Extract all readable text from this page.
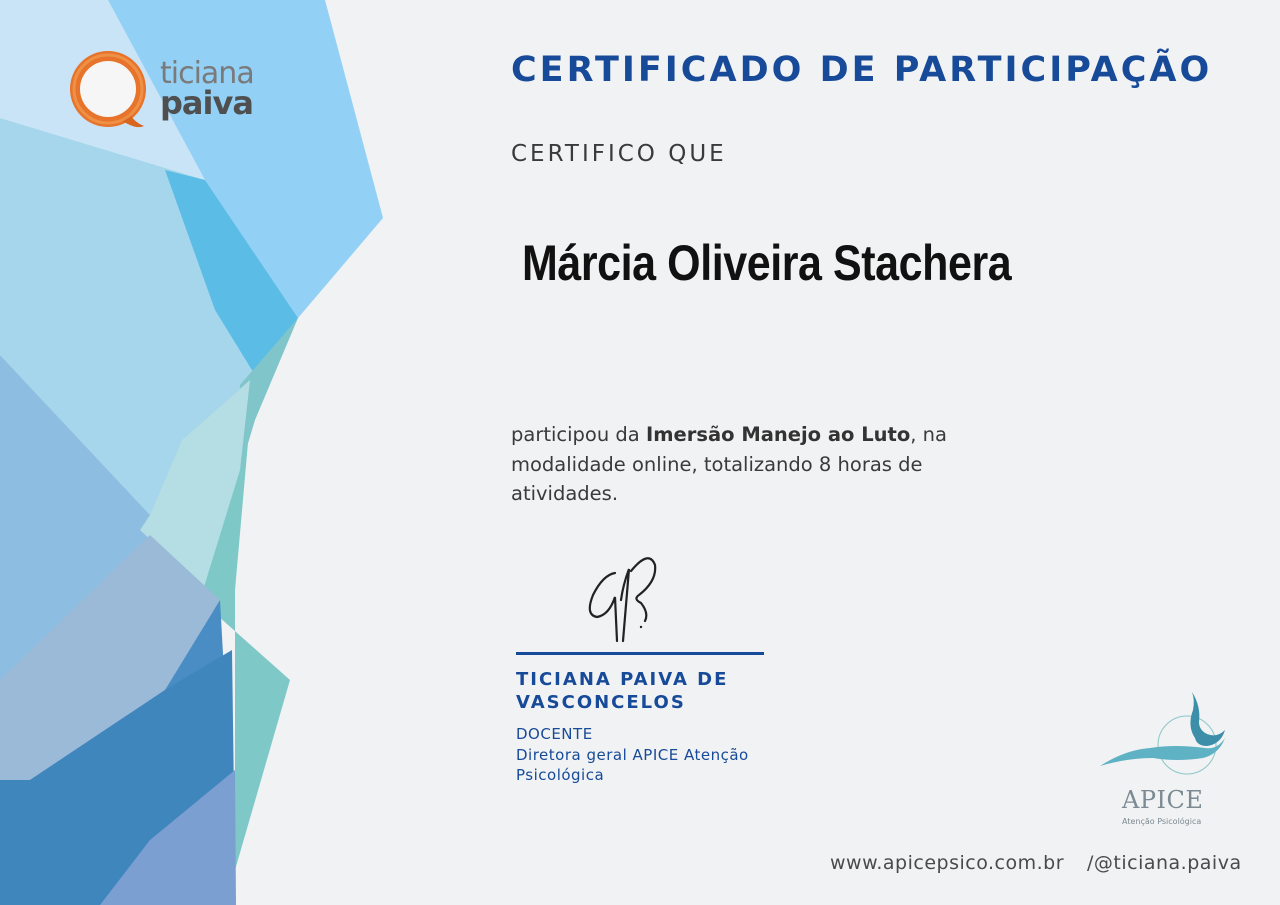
ticiana
paiva
CERTIFICADO DE PARTICIPAÇÃO
CERTIFICO QUE
Márcia Oliveira Stachera
participou da Imersão Manejo ao Luto, na modalidade online, totalizando 8 horas de atividades.
TICIANA PAIVA DE VASCONCELOS
DOCENTE
Diretora geral APICE Atenção Psicológica
APICE
Atenção Psicológica
www.apicepsico.com.br /@ticiana.paiva
